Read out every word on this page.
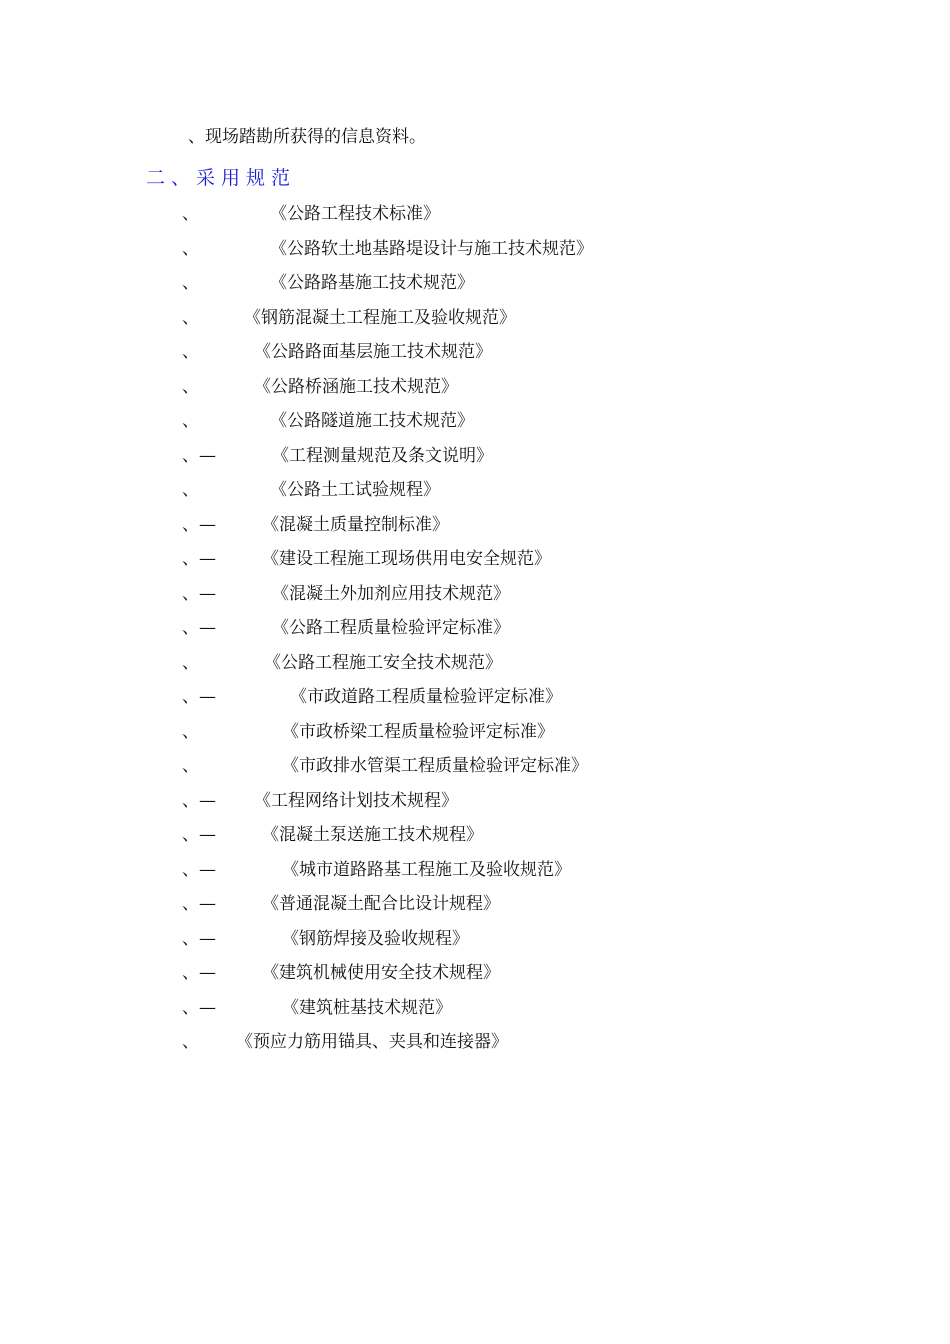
、现场踏勘所获得的信息资料。
二、采用规范
、	《公路工程技术标准》
、	《公路软土地基路堤设计与施工技术规范》
、	《公路路基施工技术规范》
、	《钢筋混凝土工程施工及验收规范》
、	《公路路面基层施工技术规范》
、	《公路桥涵施工技术规范》
、	《公路隧道施工技术规范》
、—	《工程测量规范及条文说明》
、	《公路土工试验规程》
、—	《混凝土质量控制标准》
、—	《建设工程施工现场供用电安全规范》
、—	《混凝土外加剂应用技术规范》
、—	《公路工程质量检验评定标准》
、	《公路工程施工安全技术规范》
、—	《市政道路工程质量检验评定标准》
、	《市政桥梁工程质量检验评定标准》
、	《市政排水管渠工程质量检验评定标准》
、— 《工程网络计划技术规程》
、—	《混凝土泵送施工技术规程》
、—	《城市道路路基工程施工及验收规范》
、—	《普通混凝土配合比设计规程》
、—	《钢筋焊接及验收规程》
、—	《建筑机械使用安全技术规程》
、—	《建筑桩基技术规范》
、 《预应力筋用锚具、夹具和连接器》
